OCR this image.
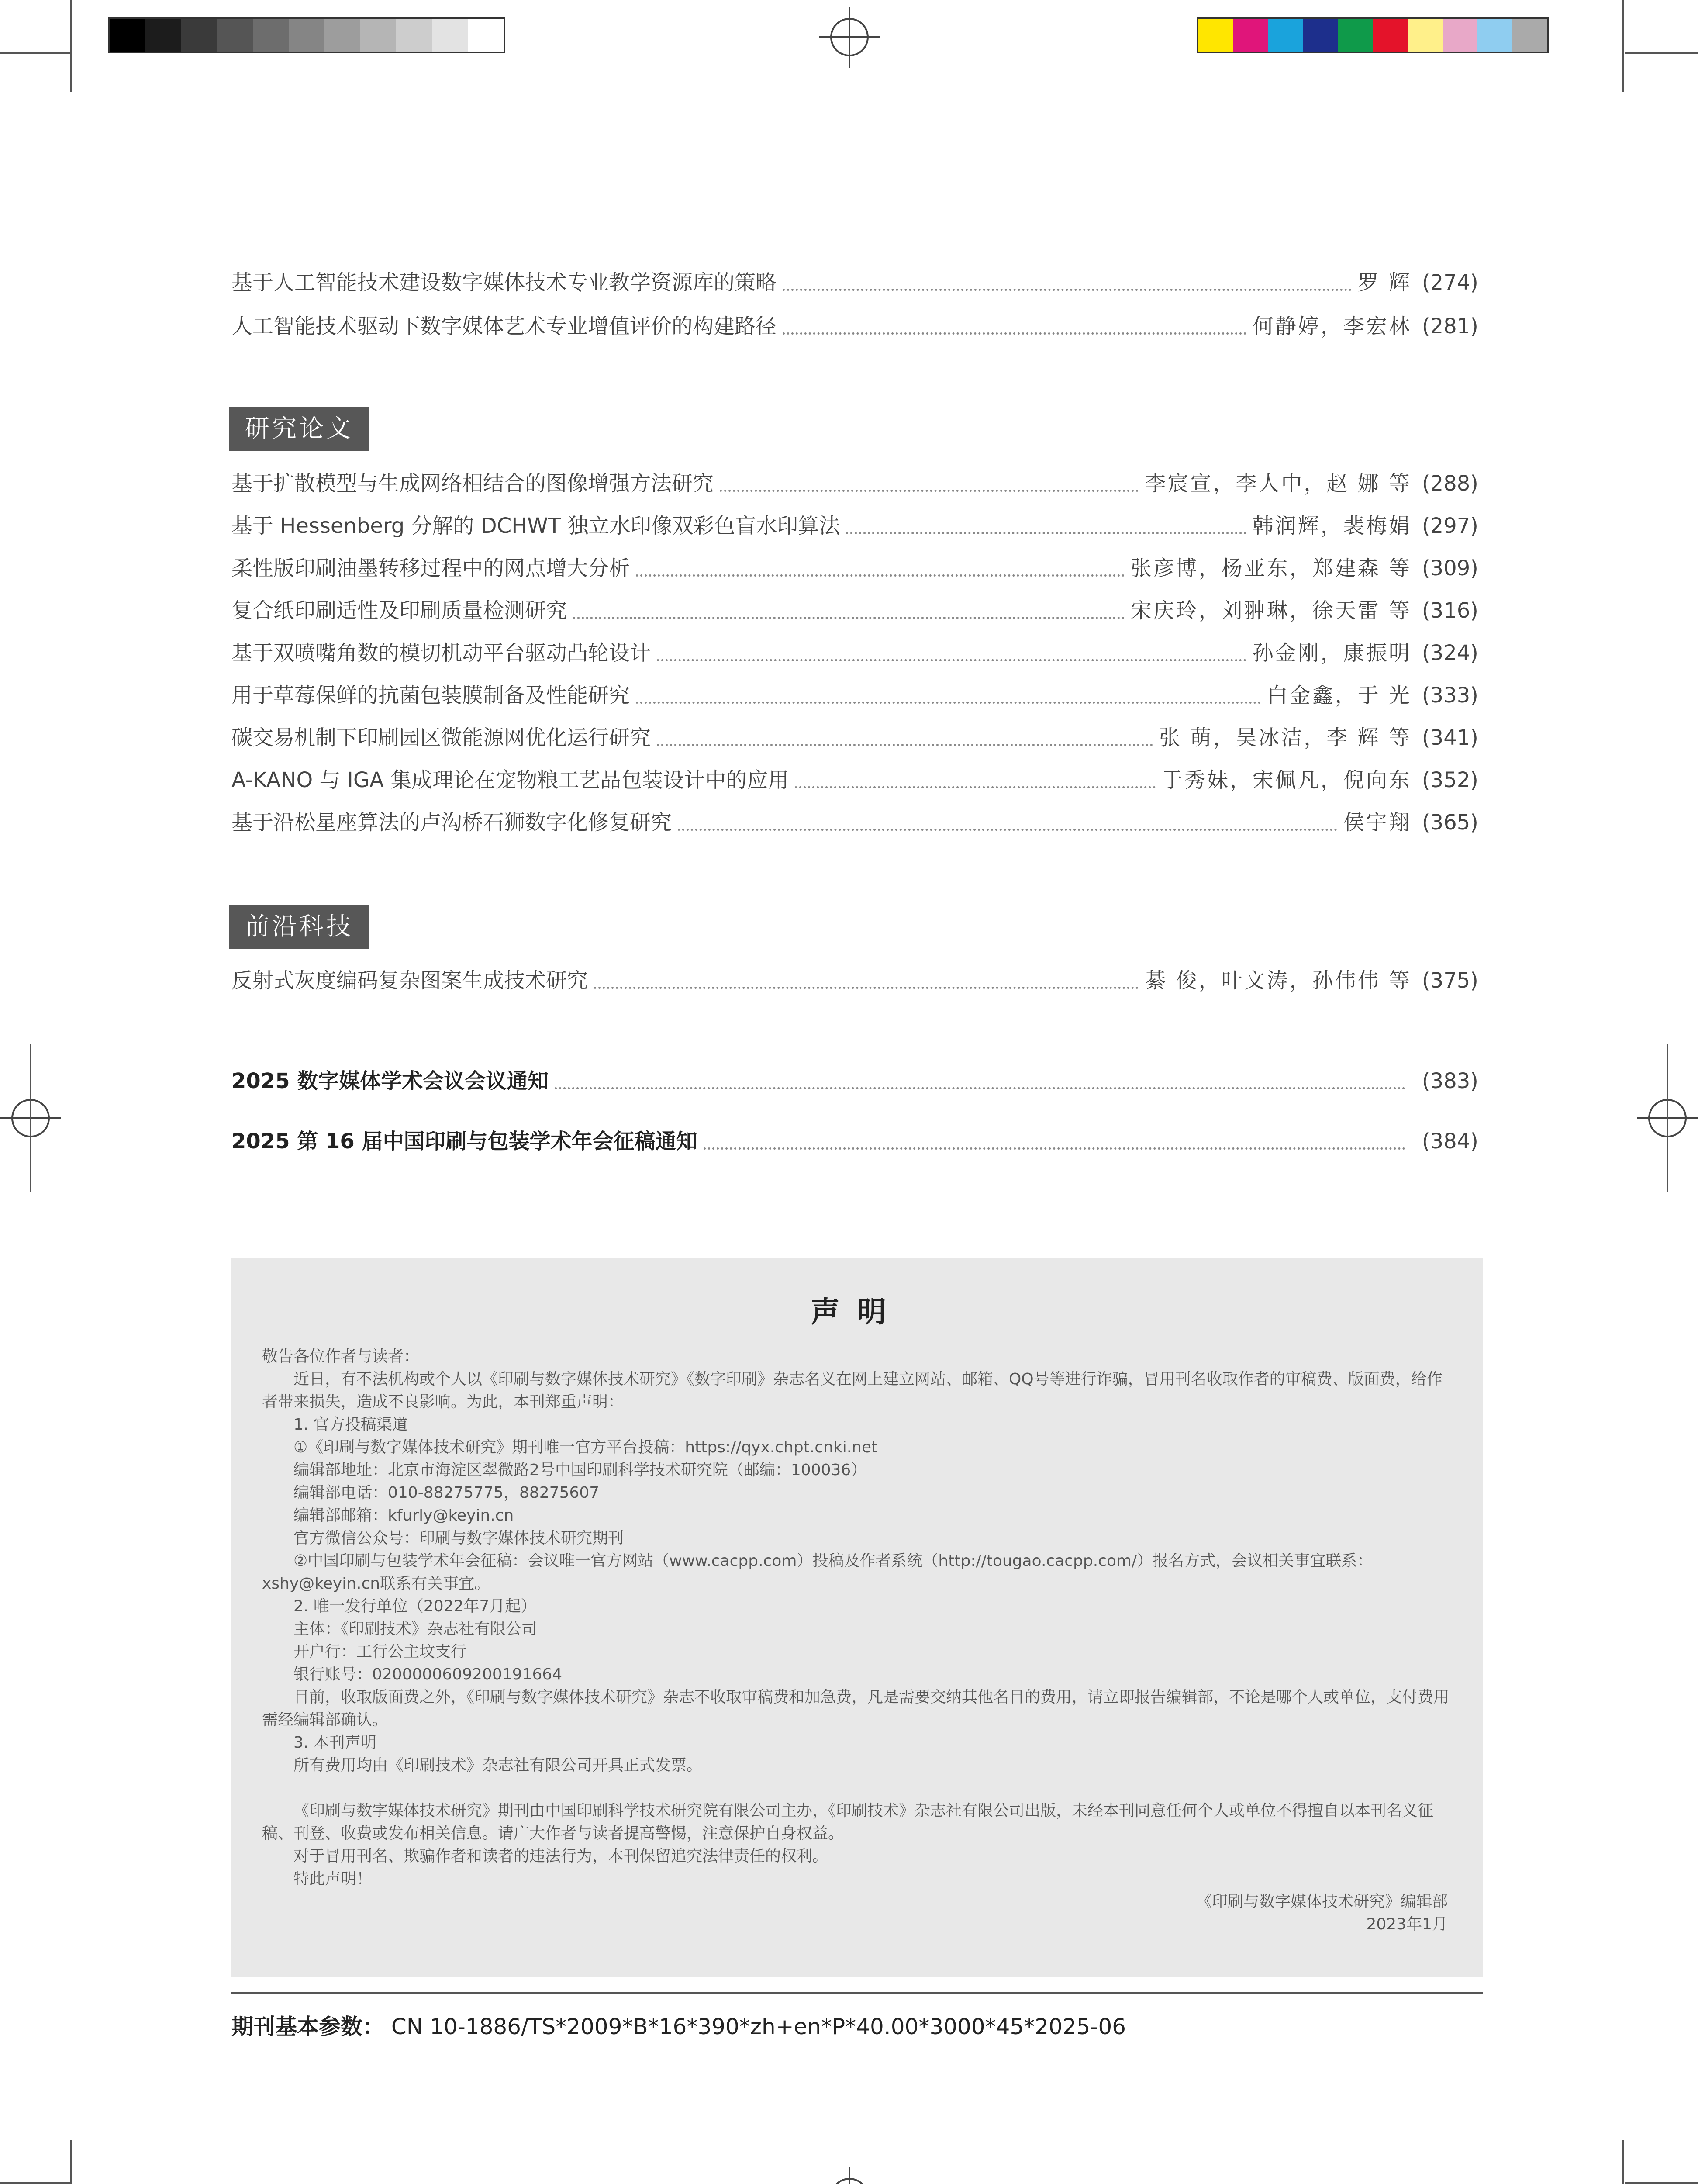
基于人工智能技术建设数字媒体技术专业教学资源库的策略	罗 辉 (274)
人工智能技术驱动下数字媒体艺术专业增值评价的构建路径	何静婷，李宏林 (281)
研究论文
基于扩散模型与生成网络相结合的图像增强方法研究	李宸宣，李人中，赵 娜 等 (288)
基于 Hessenberg 分解的 DCHWT 独立水印像双彩色盲水印算法	韩润辉，裴梅娟 (297)
柔性版印刷油墨转移过程中的网点增大分析	张彦博，杨亚东，郑建森 等 (309)
复合纸印刷适性及印刷质量检测研究	宋庆玲，刘翀琳，徐天雷 等 (316)
基于双喷嘴角数的模切机动平台驱动凸轮设计	孙金刚，康振明 (324)
用于草莓保鲜的抗菌包装膜制备及性能研究	白金鑫，于 光 (333)
碳交易机制下印刷园区微能源网优化运行研究	张 萌，吴冰洁，李 辉 等 (341)
A-KANO 与 IGA 集成理论在宠物粮工艺品包装设计中的应用	于秀妹，宋佩凡，倪向东 (352)
基于沿松星座算法的卢沟桥石狮数字化修复研究	侯宇翔 (365)
前沿科技
反射式灰度编码复杂图案生成技术研究	綦 俊，叶文涛，孙伟伟 等 (375)
2025 数字媒体学术会议会议通知	(383)
2025 第 16 届中国印刷与包装学术年会征稿通知	(384)
声明

敬告各位作者与读者：

近日，有不法机构或个人以《印刷与数字媒体技术研究》《数字印刷》杂志名义在网上建立网站、邮箱、QQ号等进行诈骗，冒用刊名收取作者的审稿费、版面费，给作者带来损失，造成不良影响。为此，本刊郑重声明：

1. 官方投稿渠道

①《印刷与数字媒体技术研究》期刊唯一官方平台投稿：https://qyx.chpt.cnki.net

编辑部地址：北京市海淀区翠微路2号中国印刷科学技术研究院（邮编：100036）

编辑部电话：010-88275775，88275607

编辑部邮箱：kfurly@keyin.cn

官方微信公众号：印刷与数字媒体技术研究期刊

②中国印刷与包装学术年会征稿：会议唯一官方网站（www.cacpp.com）投稿及作者系统（http://tougao.cacpp.com/）报名方式，会议相关事宜联系：xshy@keyin.cn联系有关事宜。

2. 唯一发行单位（2022年7月起）

主体：《印刷技术》杂志社有限公司

开户行：工行公主坟支行

银行账号：0200000609200191664

目前，收取版面费之外，《印刷与数字媒体技术研究》杂志不收取审稿费和加急费，凡是需要交纳其他名目的费用，请立即报告编辑部，不论是哪个人或单位，支付费用需经编辑部确认。

3. 本刊声明

所有费用均由《印刷技术》杂志社有限公司开具正式发票。

《印刷与数字媒体技术研究》期刊由中国印刷科学技术研究院有限公司主办，《印刷技术》杂志社有限公司出版，未经本刊同意任何个人或单位不得擅自以本刊名义征稿、刊登、收费或发布相关信息。请广大作者与读者提高警惕，注意保护自身权益。

对于冒用刊名、欺骗作者和读者的违法行为，本刊保留追究法律责任的权利。

特此声明！

《印刷与数字媒体技术研究》编辑部

2023年1月

期刊基本参数： CN 10-1886/TS*2009*B*16*390*zh+en*P*40.00*3000*45*2025-06
